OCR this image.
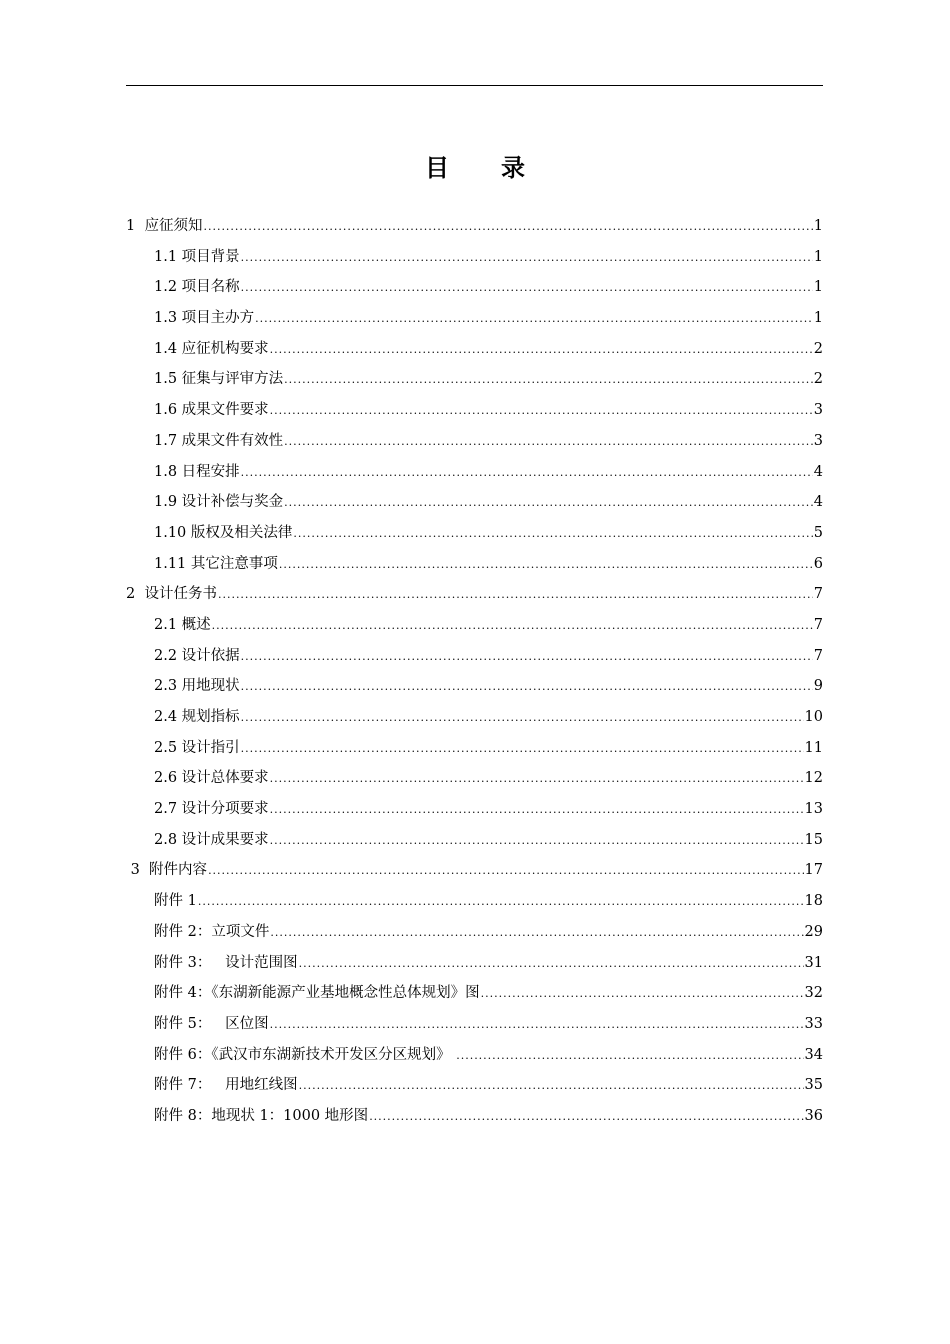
目 录
1  应征须知 .....	1
1.1 项目背景 .....	1
1.2 项目名称 .....	1
1.3 项目主办方 .....	1
1.4 应征机构要求 .....	2
1.5 征集与评审方法 .....	2
1.6 成果文件要求 .....	3
1.7 成果文件有效性 .....	3
1.8 日程安排 .....	4
1.9 设计补偿与奖金 .....	4
1.10 版权及相关法律 .....	5
1.11 其它注意事项 .....	6
2  设计任务书 .....	7
2.1 概述 .....	7
2.2 设计依据 .....	7
2.3 用地现状 .....	9
2.4 规划指标 .....	10
2.5 设计指引 .....	11
2.6 设计总体要求 .....	12
2.7 设计分项要求 .....	13
2.8 设计成果要求 .....	15
3  附件内容 .....	17
附件 1 .....	18
附件 2：立项文件 .....	29
附件 3：   设计范围图 .....	31
附件 4：《东湖新能源产业基地概念性总体规划》图 .....	32
附件 5：   区位图 .....	33
附件 6：《武汉市东湖新技术开发区分区规划》 .....	34
附件 7：   用地红线图 .....	35
附件 8：地现状 1：1000 地形图 .....	36
